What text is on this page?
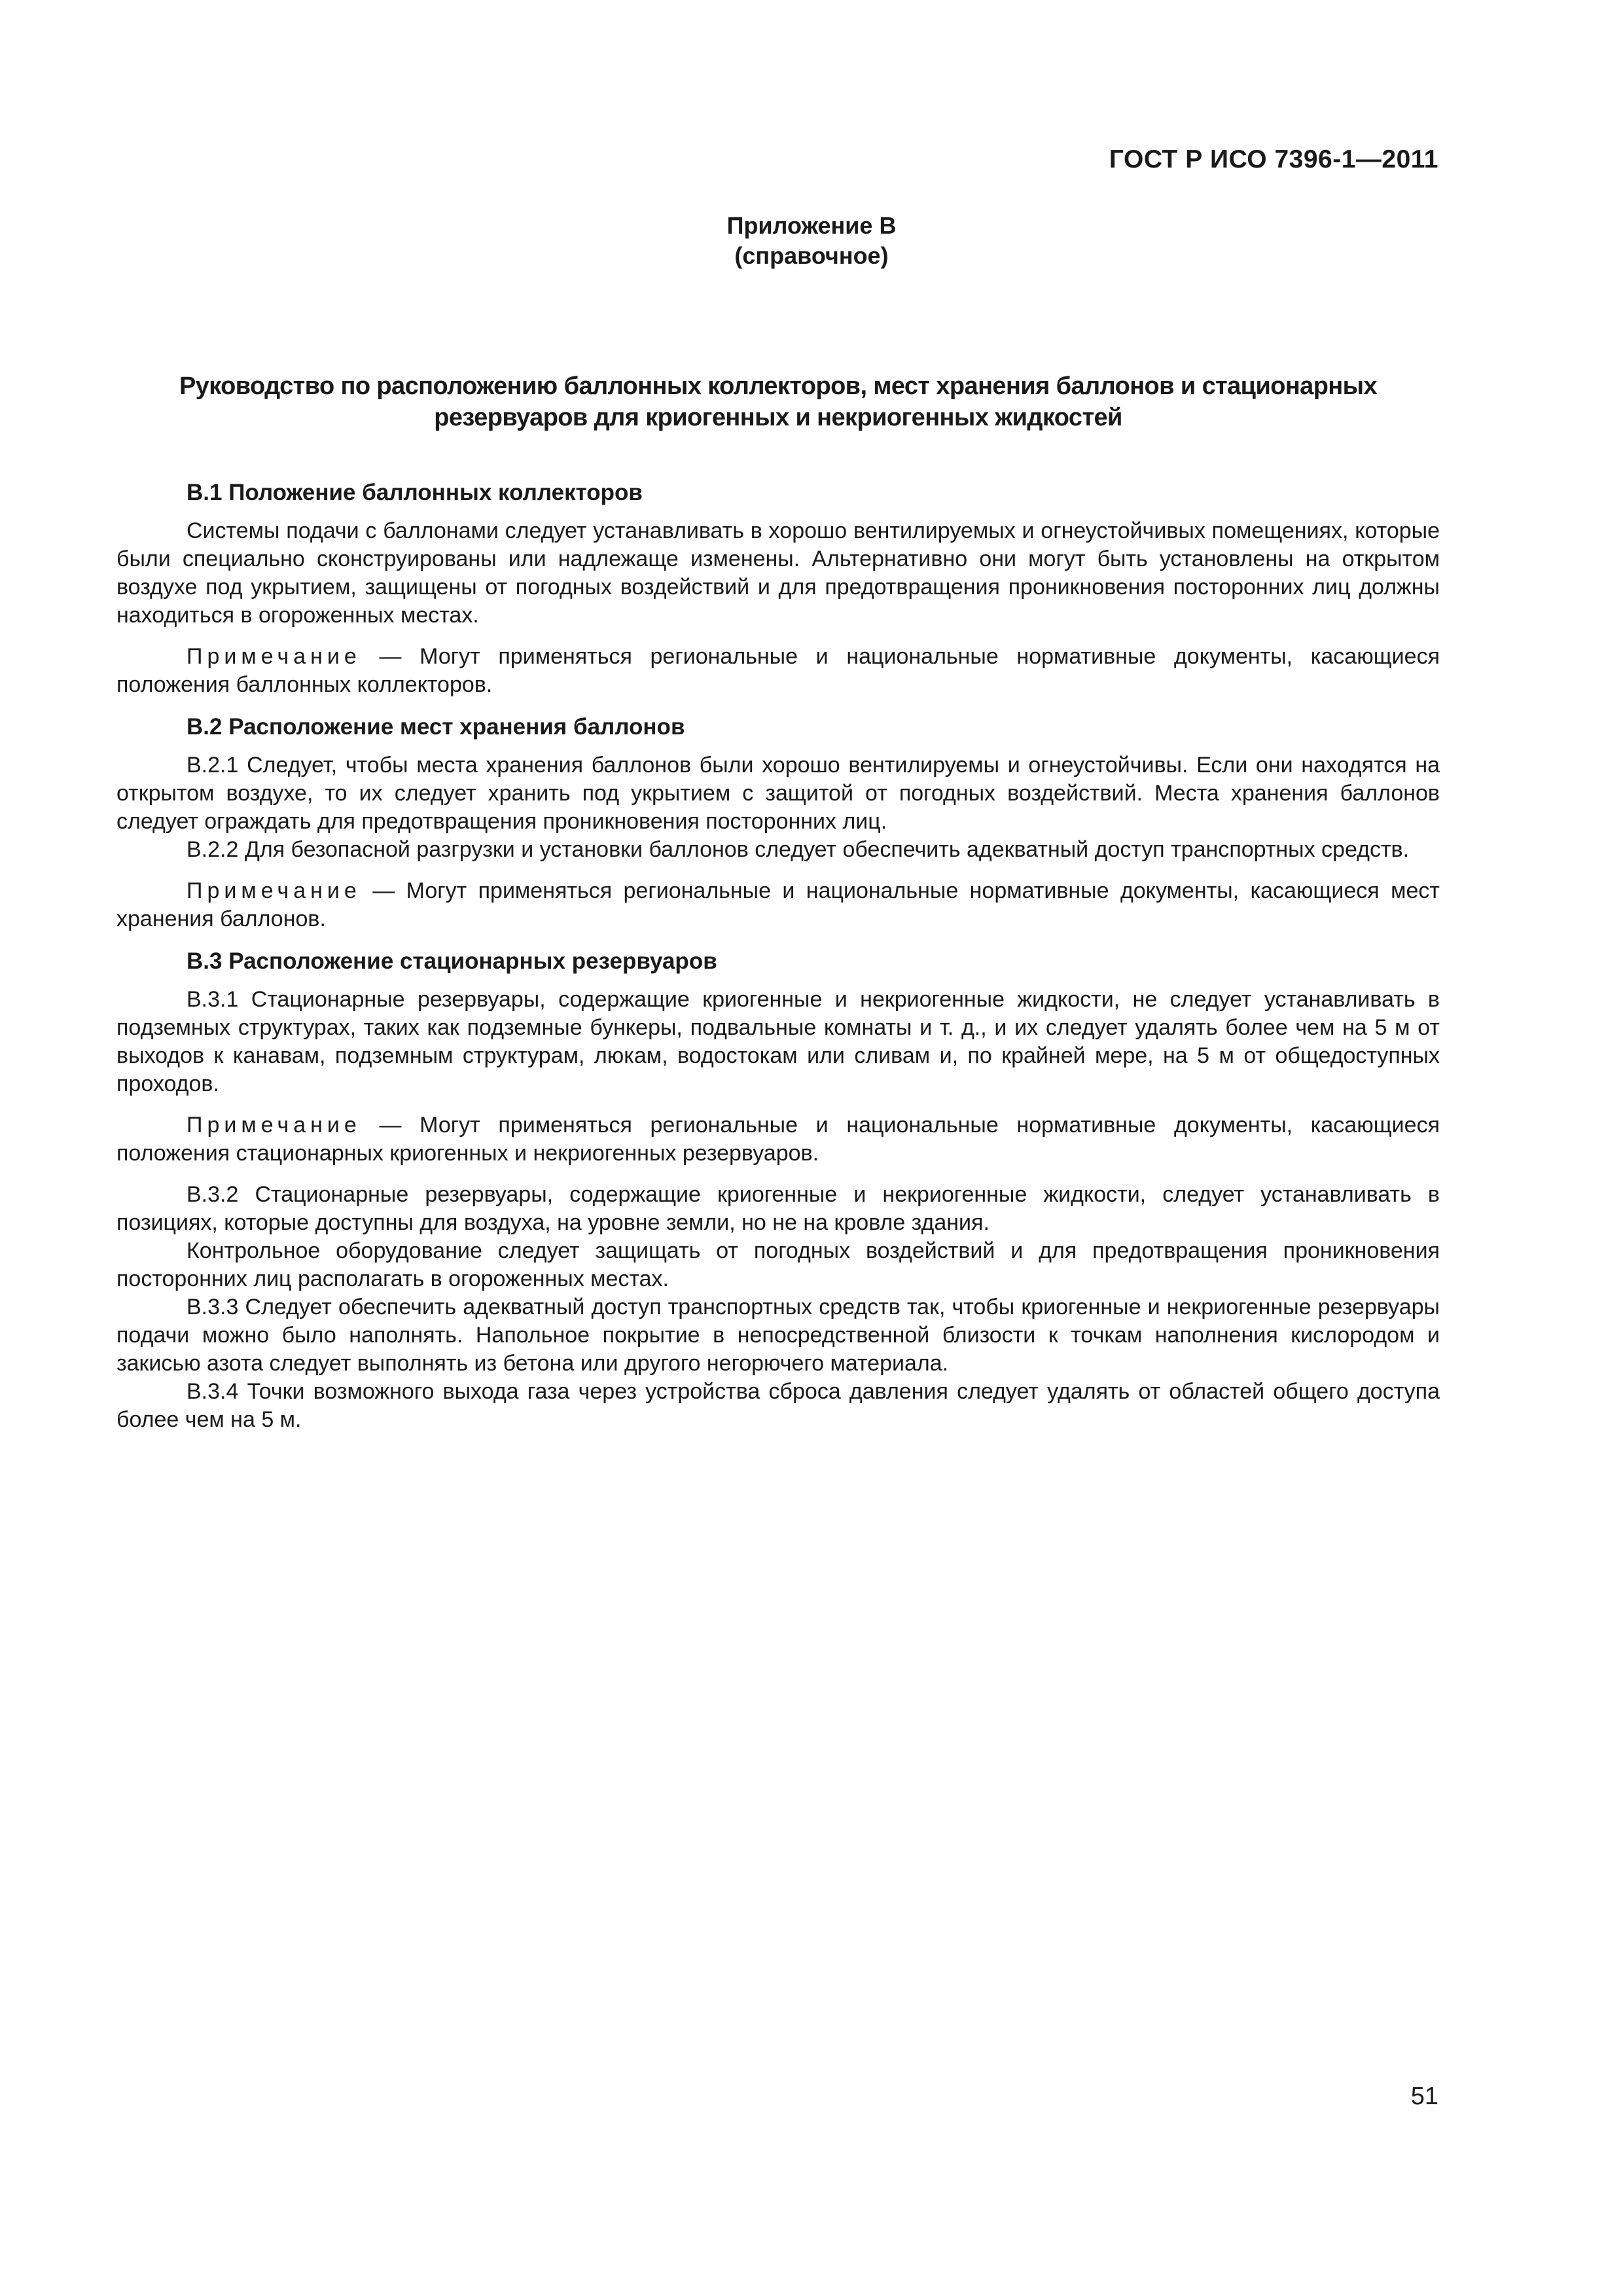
ГОСТ Р ИСО 7396-1—2011
Приложение В
(справочное)
Руководство по расположению баллонных коллекторов, мест хранения баллонов и стационарных
резервуаров для криогенных и некриогенных жидкостей
В.1 Положение баллонных коллекторов

Системы подачи с баллонами следует устанавливать в хорошо вентилируемых и огнеустойчивых помещениях, которые были специально сконструированы или надлежаще изменены. Альтернативно они могут быть установлены на открытом воздухе под укрытием, защищены от погодных воздействий и для предотвращения проникновения посторонних лиц должны находиться в огороженных местах.

Примечание — Могут применяться региональные и национальные нормативные документы, касающиеся положения баллонных коллекторов.

В.2 Расположение мест хранения баллонов

В.2.1 Следует, чтобы места хранения баллонов были хорошо вентилируемы и огнеустойчивы. Если они находятся на открытом воздухе, то их следует хранить под укрытием с защитой от погодных воздействий. Места хранения баллонов следует ограждать для предотвращения проникновения посторонних лиц.

В.2.2 Для безопасной разгрузки и установки баллонов следует обеспечить адекватный доступ транспортных средств.

Примечание — Могут применяться региональные и национальные нормативные документы, касающиеся мест хранения баллонов.

В.3 Расположение стационарных резервуаров

В.3.1 Стационарные резервуары, содержащие криогенные и некриогенные жидкости, не следует устанавливать в подземных структурах, таких как подземные бункеры, подвальные комнаты и т. д., и их следует удалять более чем на 5 м от выходов к канавам, подземным структурам, люкам, водостокам или сливам и, по крайней мере, на 5 м от общедоступных проходов.

Примечание — Могут применяться региональные и национальные нормативные документы, касающиеся положения стационарных криогенных и некриогенных резервуаров.

В.3.2 Стационарные резервуары, содержащие криогенные и некриогенные жидкости, следует устанавливать в позициях, которые доступны для воздуха, на уровне земли, но не на кровле здания.

Контрольное оборудование следует защищать от погодных воздействий и для предотвращения проникновения посторонних лиц располагать в огороженных местах.

В.3.3 Следует обеспечить адекватный доступ транспортных средств так, чтобы криогенные и некриогенные резервуары подачи можно было наполнять. Напольное покрытие в непосредственной близости к точкам наполнения кислородом и закисью азота следует выполнять из бетона или другого негорючего материала.

В.3.4 Точки возможного выхода газа через устройства сброса давления следует удалять от областей общего доступа более чем на 5 м.

51
